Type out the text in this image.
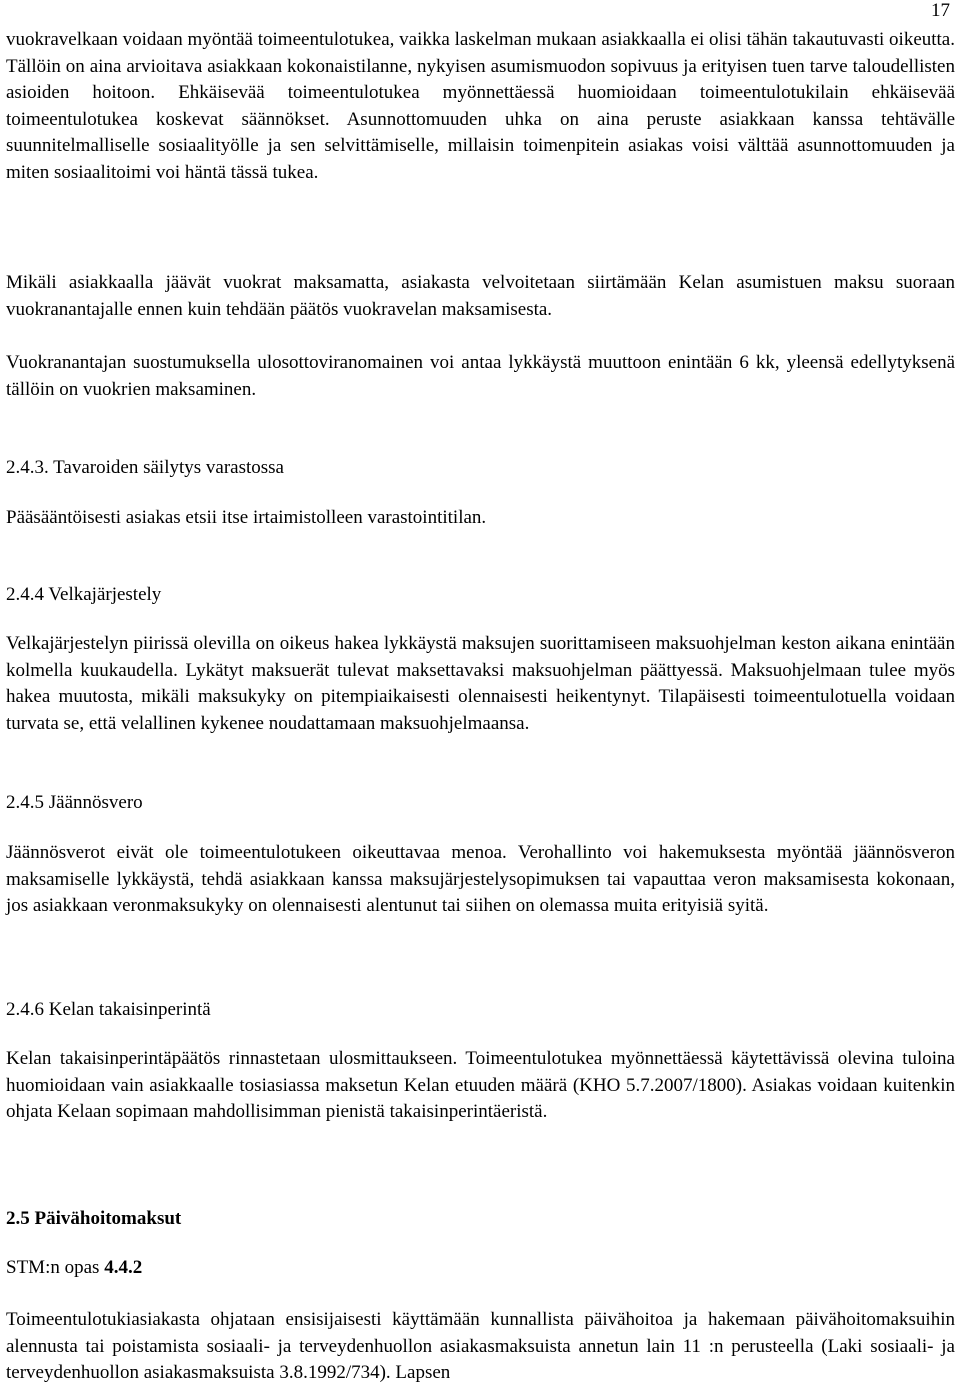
17

vuokravelkaan voidaan myöntää toimeentulotukea, vaikka laskelman mukaan asiakkaalla ei olisi tähän takautuvasti oikeutta. Tällöin on aina arvioitava asiakkaan kokonaistilanne, nykyisen asumismuodon sopivuus ja erityisen tuen tarve taloudellisten asioiden hoitoon. Ehkäisevää toimeentulotukea myönnettäessä huomioidaan toimeentulotukilain ehkäisevää toimeentulotukea koskevat säännökset. Asunnottomuuden uhka on aina peruste asiakkaan kanssa tehtävälle suunnitelmalliselle sosiaalityölle ja sen selvittämiselle, millaisin toimenpitein asiakas voisi välttää asunnottomuuden ja miten sosiaalitoimi voi häntä tässä tukea.

Mikäli asiakkaalla jäävät vuokrat maksamatta, asiakasta velvoitetaan siirtämään Kelan asumistuen maksu suoraan vuokranantajalle ennen kuin tehdään päätös vuokravelan maksamisesta.

Vuokranantajan suostumuksella ulosottoviranomainen voi antaa lykkäystä muuttoon enintään 6 kk, yleensä edellytyksenä tällöin on vuokrien maksaminen.

2.4.3. Tavaroiden säilytys varastossa

Pääsääntöisesti asiakas etsii itse irtaimistolleen varastointitilan.

2.4.4 Velkajärjestely

Velkajärjestelyn piirissä olevilla on oikeus hakea lykkäystä maksujen suorittamiseen maksuohjelman keston aikana enintään kolmella kuukaudella. Lykätyt maksuerät tulevat maksettavaksi maksuohjelman päättyessä. Maksuohjelmaan tulee myös hakea muutosta, mikäli maksukyky on pitempiaikaisesti olennaisesti heikentynyt. Tilapäisesti toimeentulotuella voidaan turvata se, että velallinen kykenee noudattamaan maksuohjelmaansa.

2.4.5 Jäännösvero

Jäännösverot eivät ole toimeentulotukeen oikeuttavaa menoa. Verohallinto voi hakemuksesta myöntää jäännösveron maksamiselle lykkäystä, tehdä asiakkaan kanssa maksujärjestelysopimuksen tai vapauttaa veron maksamisesta kokonaan, jos asiakkaan veronmaksukyky on olennaisesti alentunut tai siihen on olemassa muita erityisiä syitä.

2.4.6 Kelan takaisinperintä

Kelan takaisinperintäpäätös rinnastetaan ulosmittaukseen. Toimeentulotukea myönnettäessä käytettävissä olevina tuloina huomioidaan vain asiakkaalle tosiasiassa maksetun Kelan etuuden määrä (KHO 5.7.2007/1800). Asiakas voidaan kuitenkin ohjata Kelaan sopimaan mahdollisimman pienistä takaisinperintäeristä.

2.5 Päivähoitomaksut
STM:n opas 4.4.2

Toimeentulotukiasiakasta ohjataan ensisijaisesti käyttämään kunnallista päivähoitoa ja hakemaan päivähoitomaksuihin alennusta tai poistamista sosiaali- ja terveydenhuollon asiakasmaksuista annetun lain 11 :n perusteella (Laki sosiaali- ja terveydenhuollon asiakasmaksuista 3.8.1992/734). Lapsen
